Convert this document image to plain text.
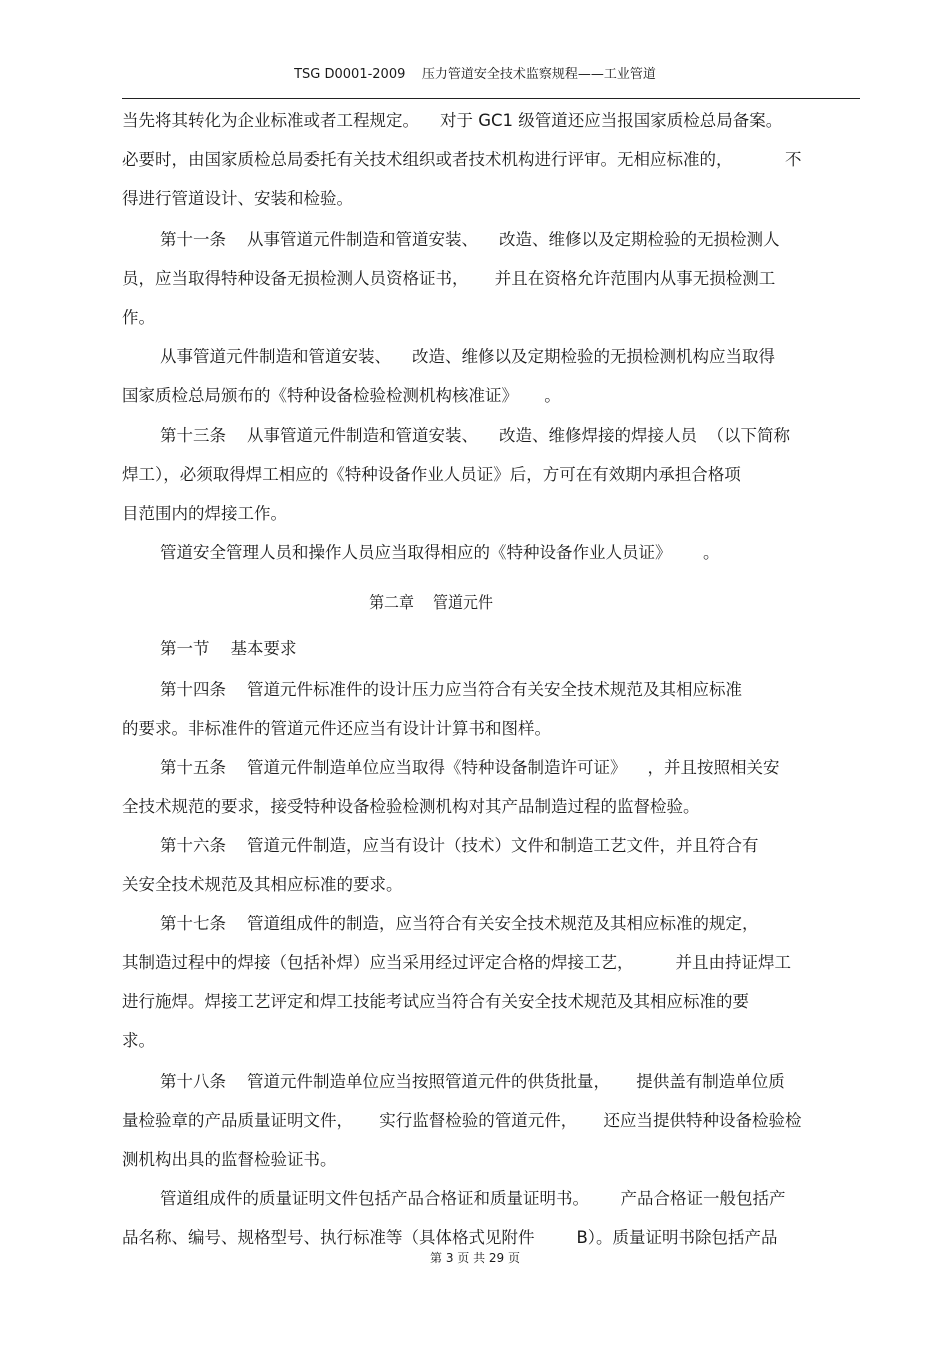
TSG D0001-2009    压力管道安全技术监察规程——工业管道

当先将其转化为企业标准或者工程规定。    对于 GC1 级管道还应当报国家质检总局备案。

必要时，由国家质检总局委托有关技术组织或者技术机构进行评审。无相应标准的，          不

得进行管道设计、安装和检验。

第十一条    从事管道元件制造和管道安装、    改造、维修以及定期检验的无损检测人

员，应当取得特种设备无损检测人员资格证书，     并且在资格允许范围内从事无损检测工

作。

从事管道元件制造和管道安装、    改造、维修以及定期检验的无损检测机构应当取得

国家质检总局颁布的《特种设备检验检测机构核准证》     。

第十三条    从事管道元件制造和管道安装、    改造、维修焊接的焊接人员  （以下简称

焊工），必须取得焊工相应的《特种设备作业人员证》后，方可在有效期内承担合格项

目范围内的焊接工作。

管道安全管理人员和操作人员应当取得相应的《特种设备作业人员证》      。

第二章    管道元件

第一节    基本要求

第十四条    管道元件标准件的设计压力应当符合有关安全技术规范及其相应标准

的要求。非标准件的管道元件还应当有设计计算书和图样。

第十五条    管道元件制造单位应当取得《特种设备制造许可证》    ，并且按照相关安

全技术规范的要求，接受特种设备检验检测机构对其产品制造过程的监督检验。

第十六条    管道元件制造，应当有设计（技术）文件和制造工艺文件，并且符合有

关安全技术规范及其相应标准的要求。

第十七条    管道组成件的制造，应当符合有关安全技术规范及其相应标准的规定，

其制造过程中的焊接（包括补焊）应当采用经过评定合格的焊接工艺，        并且由持证焊工

进行施焊。焊接工艺评定和焊工技能考试应当符合有关安全技术规范及其相应标准的要

求。

第十八条    管道元件制造单位应当按照管道元件的供货批量，     提供盖有制造单位质

量检验章的产品质量证明文件，     实行监督检验的管道元件，     还应当提供特种设备检验检

测机构出具的监督检验证书。

管道组成件的质量证明文件包括产品合格证和质量证明书。      产品合格证一般包括产

品名称、编号、规格型号、执行标准等（具体格式见附件        B）。质量证明书除包括产品

第 3 页 共 29 页
